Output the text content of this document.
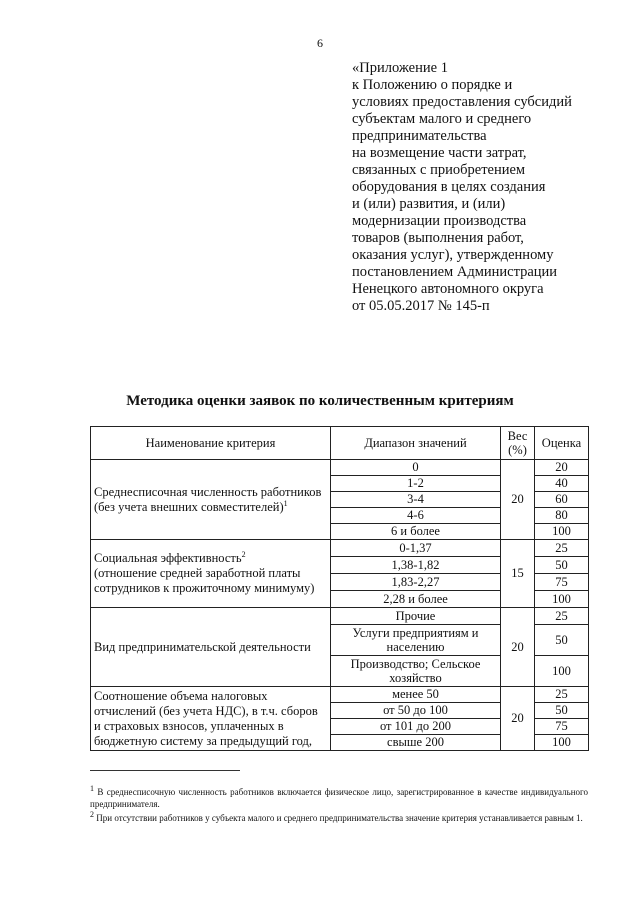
6
«Приложение 1
к Положению о порядке и
условиях предоставления субсидий
субъектам малого и среднего
предпринимательства
на возмещение части затрат,
связанных с приобретением
оборудования в целях создания
и (или) развития, и (или)
модернизации производства
товаров (выполнения работ,
оказания услуг), утвержденному
постановлением Администрации
Ненецкого автономного округа
от 05.05.2017 № 145-п
Методика оценки заявок по количественным критериям
Наименование критерия	Диапазон значений	Вес (%)	Оценка
Среднесписочная численность работников (без учета внешних совместителей)$^1$	0	20	20
	1-2		40
	3-4		60
	4-6		80
	6 и более		100
Социальная эффективность$^2$
(отношение средней заработной платы сотрудников к прожиточному минимуму)	0-1,37	15	25
	1,38-1,82		50
	1,83-2,27		75
	2,28 и более		100
Вид предпринимательской деятельности	Прочие	20	25
	Услуги предприятиям и населению		50
	Производство; Сельское хозяйство		100
Соотношение объема налоговых отчислений (без учета НДС), в т.ч. сборов и страховых взносов, уплаченных в бюджетную систему за предыдущий год,	менее 50	20	25
	от 50 до 100		50
	от 101 до 200		75
	свыше 200		100

$^1$ В среднесписочную численность работников включается физическое лицо, зарегистрированное в качестве индивидуального предпринимателя.

$^2$ При отсутствии работников у субъекта малого и среднего предпринимательства значение критерия устанавливается равным 1.
